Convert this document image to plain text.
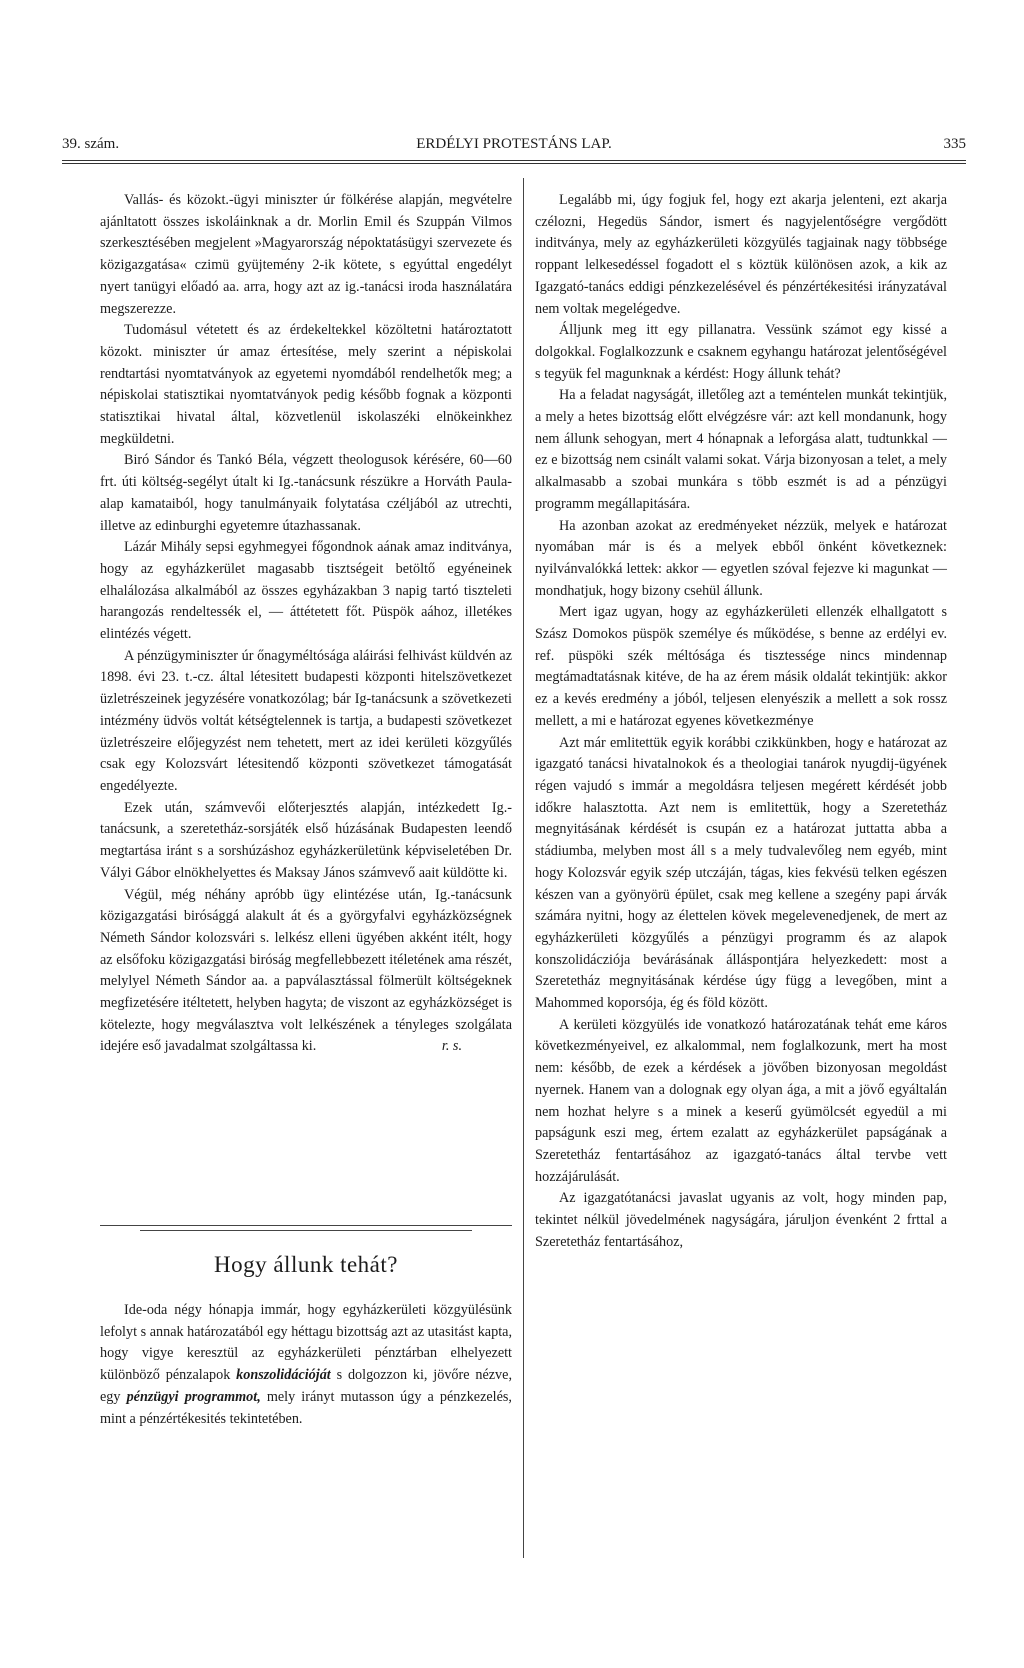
39. szám.	ERDÉLYI PROTESTÁNS LAP.	335

Vallás- és közokt.-ügyi miniszter úr fölkérése alapján, megvételre ajánltatott összes iskoláinknak a dr. Morlin Emil és Szuppán Vilmos szerkesztésében megjelent »Magyarország népoktatásügyi szervezete és közigazgatása« czimü gyüjtemény 2-ik kötete, s egyúttal engedélyt nyert tanügyi előadó aa. arra, hogy azt az ig.-tanácsi iroda használatára megszerezze.

Tudomásul vétetett és az érdekeltekkel közöltetni határoztatott közokt. miniszter úr amaz értesítése, mely szerint a népiskolai rendtartási nyomtatványok az egyetemi nyomdából rendelhetők meg; a népiskolai statisztikai nyomtatványok pedig később fognak a központi statisztikai hivatal által, közvetlenül iskolaszéki elnökeinkhez megküldetni.

Biró Sándor és Tankó Béla, végzett theologusok kérésére, 60—60 frt. úti költség-segélyt útalt ki Ig.-tanácsunk részükre a Horváth Paula-alap kamataiból, hogy tanulmányaik folytatása czéljából az utrechti, illetve az edinburghi egyetemre útazhassanak.

Lázár Mihály sepsi egyhmegyei főgondnok aának amaz inditványa, hogy az egyházkerület magasabb tisztségeit betöltő egyéneinek elhalálozása alkalmából az összes egyházakban 3 napig tartó tiszteleti harangozás rendeltessék el, — áttétetett főt. Püspök aához, illetékes elintézés végett.

A pénzügyminiszter úr őnagyméltósága aláirási felhivást küldvén az 1898. évi 23. t.-cz. által létesitett budapesti központi hitelszövetkezet üzletrészeinek jegyzésére vonatkozólag; bár Ig-tanácsunk a szövetkezeti intézmény üdvös voltát kétségtelennek is tartja, a budapesti szövetkezet üzletrészeire előjegyzést nem tehetett, mert az idei kerületi közgyűlés csak egy Kolozsvárt létesitendő központi szövetkezet támogatását engedélyezte.

Ezek után, számvevői előterjesztés alapján, intézkedett Ig.-tanácsunk, a szeretetház-sorsjáték első húzásának Budapesten leendő megtartása iránt s a sorshúzáshoz egyházkerületünk képviseletében Dr. Vályi Gábor elnökhelyettes és Maksay János számvevő aait küldötte ki.

Végül, még néhány apróbb ügy elintézése után, Ig.-tanácsunk közigazgatási birósággá alakult át és a györgyfalvi egyházközségnek Németh Sándor kolozsvári s. lelkész elleni ügyében akként itélt, hogy az elsőfoku közigazgatási biróság megfellebbezett itéletének ama részét, melylyel Németh Sándor aa. a papválasztással fölmerült költségeknek megfizetésére itéltetett, helyben hagyta; de viszont az egyházközséget is kötelezte, hogy megválasztva volt lelkészének a tényleges szolgálata idejére eső javadalmat szolgáltassa ki.	r. s.

Hogy állunk tehát?

Ide-oda négy hónapja immár, hogy egyházkerületi közgyülésünk lefolyt s annak határozatából egy héttagu bizottság azt az utasitást kapta, hogy vigye keresztül az egyházkerületi pénztárban elhelyezett különböző pénzalapok konszolidációját s dolgozzon ki, jövőre nézve, egy pénzügyi programmot, mely irányt mutasson úgy a pénzkezelés, mint a pénzértékesités tekintetében.

Legalább mi, úgy fogjuk fel, hogy ezt akarja jelenteni, ezt akarja czélozni, Hegedüs Sándor, ismert és nagyjelentőségre vergődött inditványa, mely az egyházkerületi közgyülés tagjainak nagy többsége roppant lelkesedéssel fogadott el s köztük különösen azok, a kik az Igazgató-tanács eddigi pénzkezelésével és pénzértékesitési irányzatával nem voltak megelégedve.

Álljunk meg itt egy pillanatra. Vessünk számot egy kissé a dolgokkal. Foglalkozzunk e csaknem egyhangu határozat jelentőségével s tegyük fel magunknak a kérdést: Hogy állunk tehát?

Ha a feladat nagyságát, illetőleg azt a teméntelen munkát tekintjük, a mely a hetes bizottság előtt elvégzésre vár: azt kell mondanunk, hogy nem állunk sehogyan, mert 4 hónapnak a leforgása alatt, tudtunkkal — ez e bizottság nem csinált valami sokat. Várja bizonyosan a telet, a mely alkalmasabb a szobai munkára s több eszmét is ad a pénzügyi programm megállapitására.

Ha azonban azokat az eredményeket nézzük, melyek e határozat nyomában már is és a melyek ebből önként következnek: nyilvánvalókká lettek: akkor — egyetlen szóval fejezve ki magunkat — mondhatjuk, hogy bizony csehül állunk.

Mert igaz ugyan, hogy az egyházkerületi ellenzék elhallgatott s Szász Domokos püspök személye és működése, s benne az erdélyi ev. ref. püspöki szék méltósága és tisztessége nincs mindennap megtámadtatásnak kitéve, de ha az érem másik oldalát tekintjük: akkor ez a kevés eredmény a jóból, teljesen elenyészik a mellett a sok rossz mellett, a mi e határozat egyenes következménye

Azt már emlitettük egyik korábbi czikkünkben, hogy e határozat az igazgató tanácsi hivatalnokok és a theologiai tanárok nyugdij-ügyének régen vajudó s immár a megoldásra teljesen megérett kérdését jobb időkre halasztotta. Azt nem is emlitettük, hogy a Szeretetház megnyitásának kérdését is csupán ez a határozat juttatta abba a stádiumba, melyben most áll s a mely tudvalevőleg nem egyéb, mint hogy Kolozsvár egyik szép utczáján, tágas, kies fekvésü telken egészen készen van a gyönyörü épület, csak meg kellene a szegény papi árvák számára nyitni, hogy az élettelen kövek megelevenedjenek, de mert az egyházkerületi közgyűlés a pénzügyi programm és az alapok konszolidácziója bevárásának álláspontjára helyezkedett: most a Szeretetház megnyitásának kérdése úgy függ a levegőben, mint a Mahommed koporsója, ég és föld között.

A kerületi közgyülés ide vonatkozó határozatának tehát eme káros következményeivel, ez alkalommal, nem foglalkozunk, mert ha most nem: később, de ezek a kérdések a jövőben bizonyosan megoldást nyernek. Hanem van a dolognak egy olyan ága, a mit a jövő egyáltalán nem hozhat helyre s a minek a keserű gyümölcsét egyedül a mi papságunk eszi meg, értem ezalatt az egyházkerület papságának a Szeretetház fentartásához az igazgató-tanács által tervbe vett hozzájárulását.

Az igazgatótanácsi javaslat ugyanis az volt, hogy minden pap, tekintet nélkül jövedelmének nagyságára, járuljon évenként 2 frttal a Szeretetház fentartásához,
